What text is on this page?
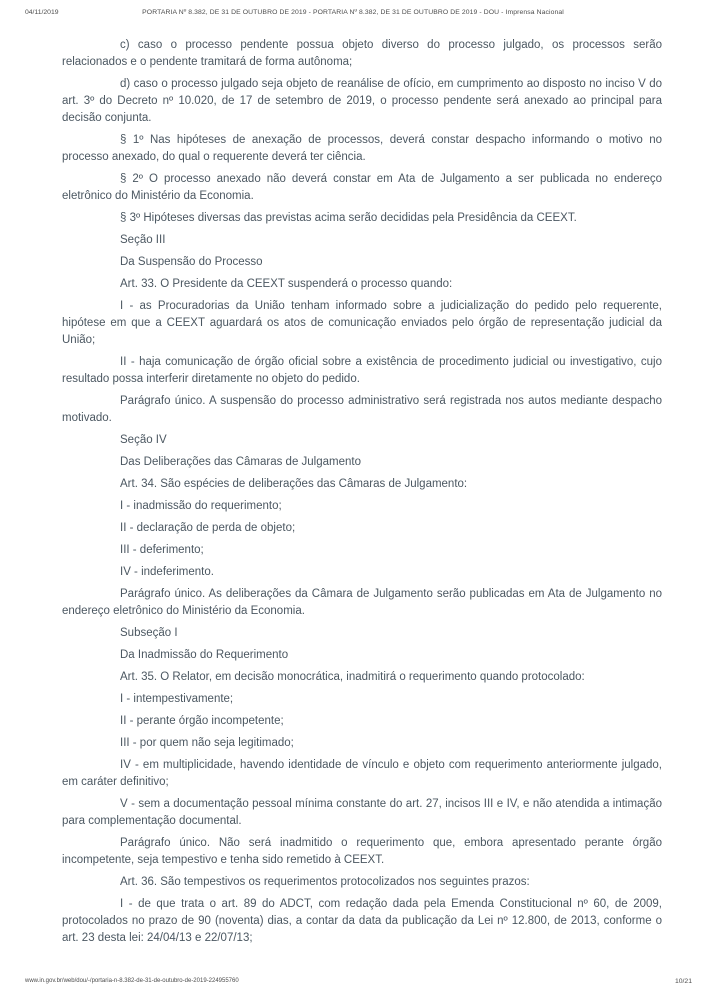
04/11/2019	PORTARIA Nº 8.382, DE 31 DE OUTUBRO DE 2019 - PORTARIA Nº 8.382, DE 31 DE OUTUBRO DE 2019 - DOU - Imprensa Nacional

c) caso o processo pendente possua objeto diverso do processo julgado, os processos serão relacionados e o pendente tramitará de forma autônoma;

d) caso o processo julgado seja objeto de reanálise de ofício, em cumprimento ao disposto no inciso V do art. 3º do Decreto nº 10.020, de 17 de setembro de 2019, o processo pendente será anexado ao principal para decisão conjunta.

§ 1º Nas hipóteses de anexação de processos, deverá constar despacho informando o motivo no processo anexado, do qual o requerente deverá ter ciência.

§ 2º O processo anexado não deverá constar em Ata de Julgamento a ser publicada no endereço eletrônico do Ministério da Economia.

§ 3º Hipóteses diversas das previstas acima serão decididas pela Presidência da CEEXT.

Seção III

Da Suspensão do Processo

Art. 33. O Presidente da CEEXT suspenderá o processo quando:

I - as Procuradorias da União tenham informado sobre a judicialização do pedido pelo requerente, hipótese em que a CEEXT aguardará os atos de comunicação enviados pelo órgão de representação judicial da União;

II - haja comunicação de órgão oficial sobre a existência de procedimento judicial ou investigativo, cujo resultado possa interferir diretamente no objeto do pedido.

Parágrafo único. A suspensão do processo administrativo será registrada nos autos mediante despacho motivado.

Seção IV

Das Deliberações das Câmaras de Julgamento

Art. 34. São espécies de deliberações das Câmaras de Julgamento:

I - inadmissão do requerimento;

II - declaração de perda de objeto;

III - deferimento;

IV - indeferimento.

Parágrafo único. As deliberações da Câmara de Julgamento serão publicadas em Ata de Julgamento no endereço eletrônico do Ministério da Economia.

Subseção I

Da Inadmissão do Requerimento

Art. 35. O Relator, em decisão monocrática, inadmitirá o requerimento quando protocolado:

I - intempestivamente;

II - perante órgão incompetente;

III - por quem não seja legitimado;

IV - em multiplicidade, havendo identidade de vínculo e objeto com requerimento anteriormente julgado, em caráter definitivo;

V - sem a documentação pessoal mínima constante do art. 27, incisos III e IV, e não atendida a intimação para complementação documental.

Parágrafo único. Não será inadmitido o requerimento que, embora apresentado perante órgão incompetente, seja tempestivo e tenha sido remetido à CEEXT.

Art. 36. São tempestivos os requerimentos protocolizados nos seguintes prazos:

I - de que trata o art. 89 do ADCT, com redação dada pela Emenda Constitucional nº 60, de 2009, protocolados no prazo de 90 (noventa) dias, a contar da data da publicação da Lei nº 12.800, de 2013, conforme o art. 23 desta lei: 24/04/13 e 22/07/13;

www.in.gov.br/web/dou/-/portaria-n-8.382-de-31-de-outubro-de-2019-224955760	10/21
